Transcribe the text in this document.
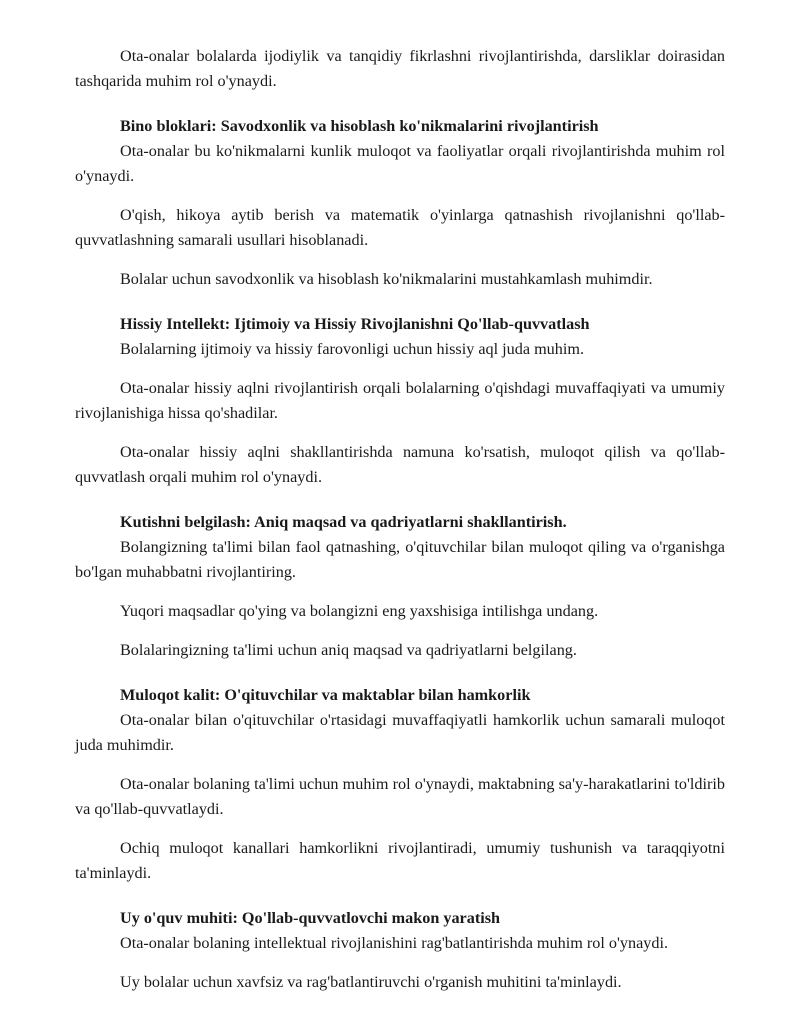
Ota-onalar bolalarda ijodiylik va tanqidiy fikrlashni rivojlantirishda, darsliklar doirasidan tashqarida muhim rol o'ynaydi.

Bino bloklari: Savodxonlik va hisoblash ko'nikmalarini rivojlantirish

Ota-onalar bu ko'nikmalarni kunlik muloqot va faoliyatlar orqali rivojlantirishda muhim rol o'ynaydi.

O'qish, hikoya aytib berish va matematik o'yinlarga qatnashish rivojlanishni qo'llab-quvvatlashning samarali usullari hisoblanadi.

Bolalar uchun savodxonlik va hisoblash ko'nikmalarini mustahkamlash muhimdir.

Hissiy Intellekt: Ijtimoiy va Hissiy Rivojlanishni Qo'llab-quvvatlash

Bolalarning ijtimoiy va hissiy farovonligi uchun hissiy aql juda muhim.

Ota-onalar hissiy aqlni rivojlantirish orqali bolalarning o'qishdagi muvaffaqiyati va umumiy rivojlanishiga hissa qo'shadilar.

Ota-onalar hissiy aqlni shakllantirishda namuna ko'rsatish, muloqot qilish va qo'llab-quvvatlash orqali muhim rol o'ynaydi.

Kutishni belgilash: Aniq maqsad va qadriyatlarni shakllantirish.

Bolangizning ta'limi bilan faol qatnashing, o'qituvchilar bilan muloqot qiling va o'rganishga bo'lgan muhabbatni rivojlantiring.

Yuqori maqsadlar qo'ying va bolangizni eng yaxshisiga intilishga undang.

Bolalaringizning ta'limi uchun aniq maqsad va qadriyatlarni belgilang.

Muloqot kalit: O'qituvchilar va maktablar bilan hamkorlik

Ota-onalar bilan o'qituvchilar o'rtasidagi muvaffaqiyatli hamkorlik uchun samarali muloqot juda muhimdir.

Ota-onalar bolaning ta'limi uchun muhim rol o'ynaydi, maktabning sa'y-harakatlarini to'ldirib va qo'llab-quvvatlaydi.

Ochiq muloqot kanallari hamkorlikni rivojlantiradi, umumiy tushunish va taraqqiyotni ta'minlaydi.

Uy o'quv muhiti: Qo'llab-quvvatlovchi makon yaratish

Ota-onalar bolaning intellektual rivojlanishini rag'batlantirishda muhim rol o'ynaydi.

Uy bolalar uchun xavfsiz va rag'batlantiruvchi o'rganish muhitini ta'minlaydi.
